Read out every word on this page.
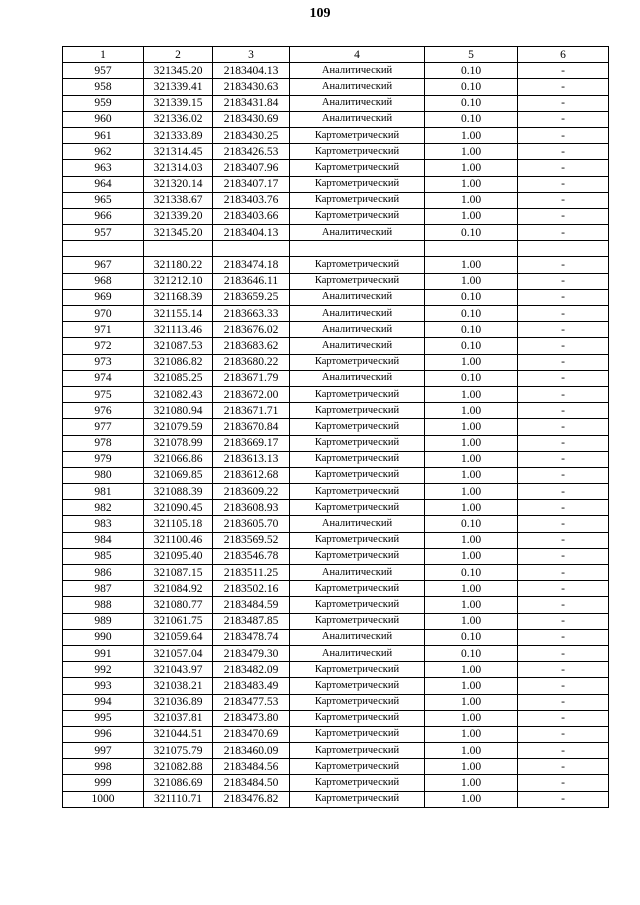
109
1	2	3	4	5	6
957	321345.20	2183404.13	Аналитический	0.10	-
958	321339.41	2183430.63	Аналитический	0.10	-
959	321339.15	2183431.84	Аналитический	0.10	-
960	321336.02	2183430.69	Аналитический	0.10	-
961	321333.89	2183430.25	Картометрический	1.00	-
962	321314.45	2183426.53	Картометрический	1.00	-
963	321314.03	2183407.96	Картометрический	1.00	-
964	321320.14	2183407.17	Картометрический	1.00	-
965	321338.67	2183403.76	Картометрический	1.00	-
966	321339.20	2183403.66	Картометрический	1.00	-
957	321345.20	2183404.13	Аналитический	0.10	-

967	321180.22	2183474.18	Картометрический	1.00	-
968	321212.10	2183646.11	Картометрический	1.00	-
969	321168.39	2183659.25	Аналитический	0.10	-
970	321155.14	2183663.33	Аналитический	0.10	-
971	321113.46	2183676.02	Аналитический	0.10	-
972	321087.53	2183683.62	Аналитический	0.10	-
973	321086.82	2183680.22	Картометрический	1.00	-
974	321085.25	2183671.79	Аналитический	0.10	-
975	321082.43	2183672.00	Картометрический	1.00	-
976	321080.94	2183671.71	Картометрический	1.00	-
977	321079.59	2183670.84	Картометрический	1.00	-
978	321078.99	2183669.17	Картометрический	1.00	-
979	321066.86	2183613.13	Картометрический	1.00	-
980	321069.85	2183612.68	Картометрический	1.00	-
981	321088.39	2183609.22	Картометрический	1.00	-
982	321090.45	2183608.93	Картометрический	1.00	-
983	321105.18	2183605.70	Аналитический	0.10	-
984	321100.46	2183569.52	Картометрический	1.00	-
985	321095.40	2183546.78	Картометрический	1.00	-
986	321087.15	2183511.25	Аналитический	0.10	-
987	321084.92	2183502.16	Картометрический	1.00	-
988	321080.77	2183484.59	Картометрический	1.00	-
989	321061.75	2183487.85	Картометрический	1.00	-
990	321059.64	2183478.74	Аналитический	0.10	-
991	321057.04	2183479.30	Аналитический	0.10	-
992	321043.97	2183482.09	Картометрический	1.00	-
993	321038.21	2183483.49	Картометрический	1.00	-
994	321036.89	2183477.53	Картометрический	1.00	-
995	321037.81	2183473.80	Картометрический	1.00	-
996	321044.51	2183470.69	Картометрический	1.00	-
997	321075.79	2183460.09	Картометрический	1.00	-
998	321082.88	2183484.56	Картометрический	1.00	-
999	321086.69	2183484.50	Картометрический	1.00	-
1000	321110.71	2183476.82	Картометрический	1.00	-
